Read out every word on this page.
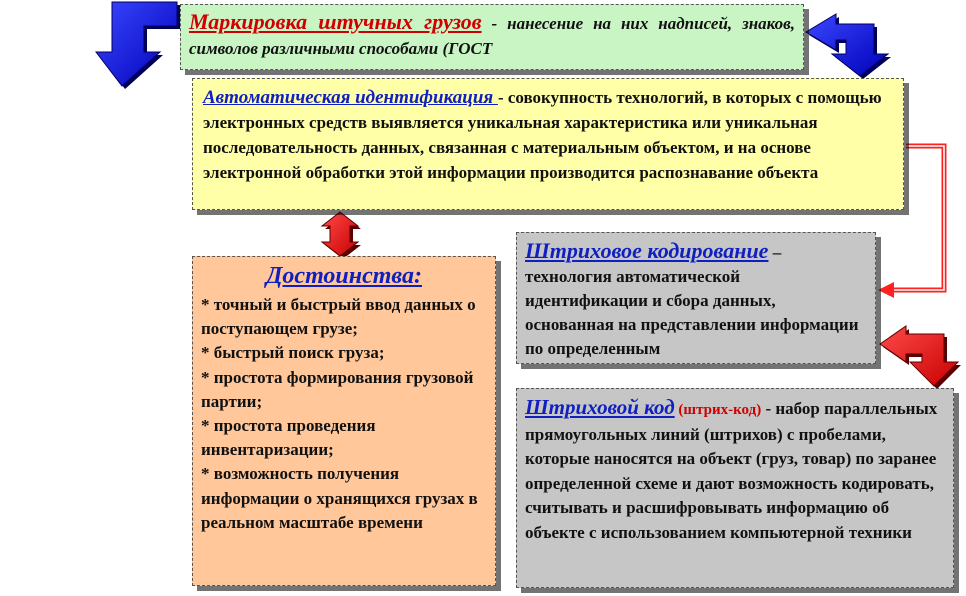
Маркировка штучных грузов - нанесение на них надписей, знаков, символов различными способами (ГОСТ
Автоматическая идентификация - совокупность технологий, в которых с помощью электронных средств выявляется уникальная характеристика или уникальная последовательность данных, связанная с материальным объектом, и на основе электронной обработки этой информации производится распознавание объекта
Достоинства:
* точный и быстрый ввод данных о поступающем грузе;
* быстрый поиск груза;
* простота формирования грузовой партии;
* простота проведения инвентаризации;
* возможность получения информации о хранящихся грузах в реальном масштабе времени
Штриховое кодирование – технология автоматической идентификации и сбора данных, основанная на представлении информации по определенным
Штриховой код (штрих-код) - набор параллельных прямоугольных линий (штрихов) с пробелами, которые наносятся на объект (груз, товар) по заранее определенной схеме и дают возможность кодировать, считывать и расшифровывать информацию об объекте с использованием компьютерной техники
